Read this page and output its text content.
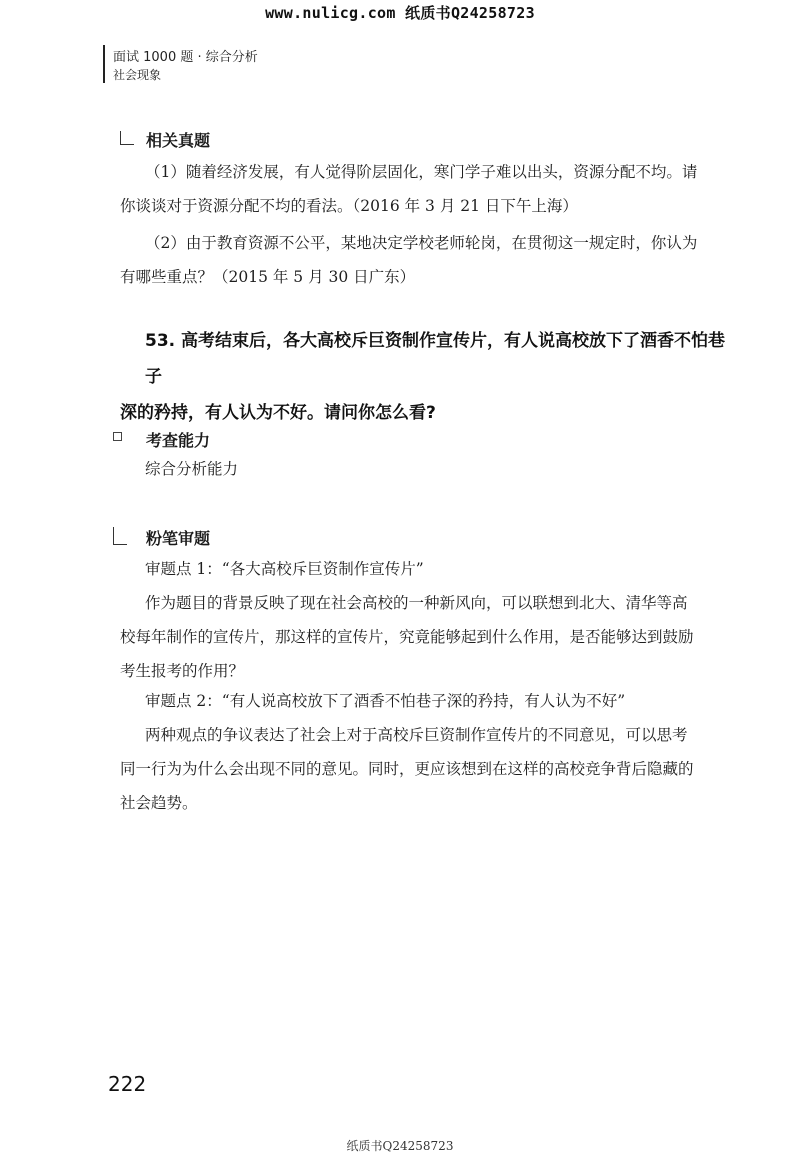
www.nulicg.com 纸质书Q24258723
面试 1000 题 · 综合分析
社会现象
相关真题
（1）随着经济发展，有人觉得阶层固化，寒门学子难以出头，资源分配不均。请
你谈谈对于资源分配不均的看法。（2016 年 3 月 21 日下午上海）
（2）由于教育资源不公平，某地决定学校老师轮岗，在贯彻这一规定时，你认为
有哪些重点？（2015 年 5 月 30 日广东）
53. 高考结束后，各大高校斥巨资制作宣传片，有人说高校放下了酒香不怕巷子
深的矜持，有人认为不好。请问你怎么看?
考查能力
综合分析能力
粉笔审题
审题点 1：“各大高校斥巨资制作宣传片”
作为题目的背景反映了现在社会高校的一种新风向，可以联想到北大、清华等高
校每年制作的宣传片，那这样的宣传片，究竟能够起到什么作用，是否能够达到鼓励
考生报考的作用？
审题点 2：“有人说高校放下了酒香不怕巷子深的矜持，有人认为不好”
两种观点的争议表达了社会上对于高校斥巨资制作宣传片的不同意见，可以思考
同一行为为什么会出现不同的意见。同时，更应该想到在这样的高校竞争背后隐藏的
社会趋势。
222
纸质书Q24258723
